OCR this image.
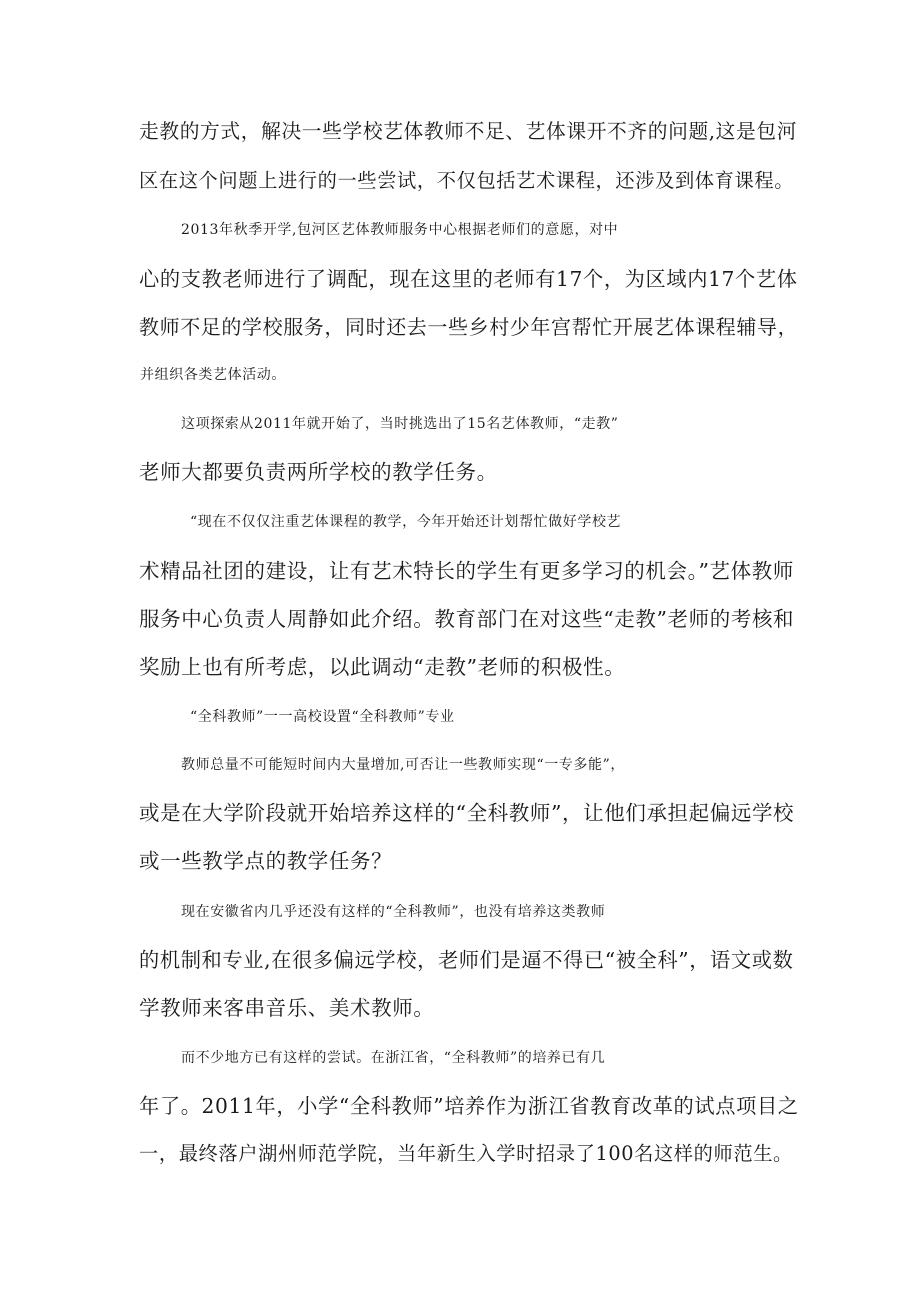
走教的方式，解决一些学校艺体教师不足、艺体课开不齐的问题,这是包河
区在这个问题上进行的一些尝试，不仅包括艺术课程，还涉及到体育课程。
2013年秋季开学,包河区艺体教师服务中心根据老师们的意愿，对中
心的支教老师进行了调配，现在这里的老师有17个，为区域内17个艺体
教师不足的学校服务，同时还去一些乡村少年宫帮忙开展艺体课程辅导，
并组织各类艺体活动。
这项探索从2011年就开始了，当时挑选出了15名艺体教师，“走教”
老师大都要负责两所学校的教学任务。
“现在不仅仅注重艺体课程的教学，今年开始还计划帮忙做好学校艺
术精品社团的建设，让有艺术特长的学生有更多学习的机会。”艺体教师
服务中心负责人周静如此介绍。教育部门在对这些“走教”老师的考核和
奖励上也有所考虑，以此调动“走教”老师的积极性。
“全科教师”一一高校设置“全科教师”专业
教师总量不可能短时间内大量增加,可否让一些教师实现“一专多能”，
或是在大学阶段就开始培养这样的“全科教师”，让他们承担起偏远学校
或一些教学点的教学任务？
现在安徽省内几乎还没有这样的“全科教师”，也没有培养这类教师
的机制和专业,在很多偏远学校，老师们是逼不得已“被全科”，语文或数
学教师来客串音乐、美术教师。
而不少地方已有这样的尝试。在浙江省，“全科教师”的培养已有几
年了。2011年，小学“全科教师”培养作为浙江省教育改革的试点项目之
一，最终落户湖州师范学院，当年新生入学时招录了100名这样的师范生。
